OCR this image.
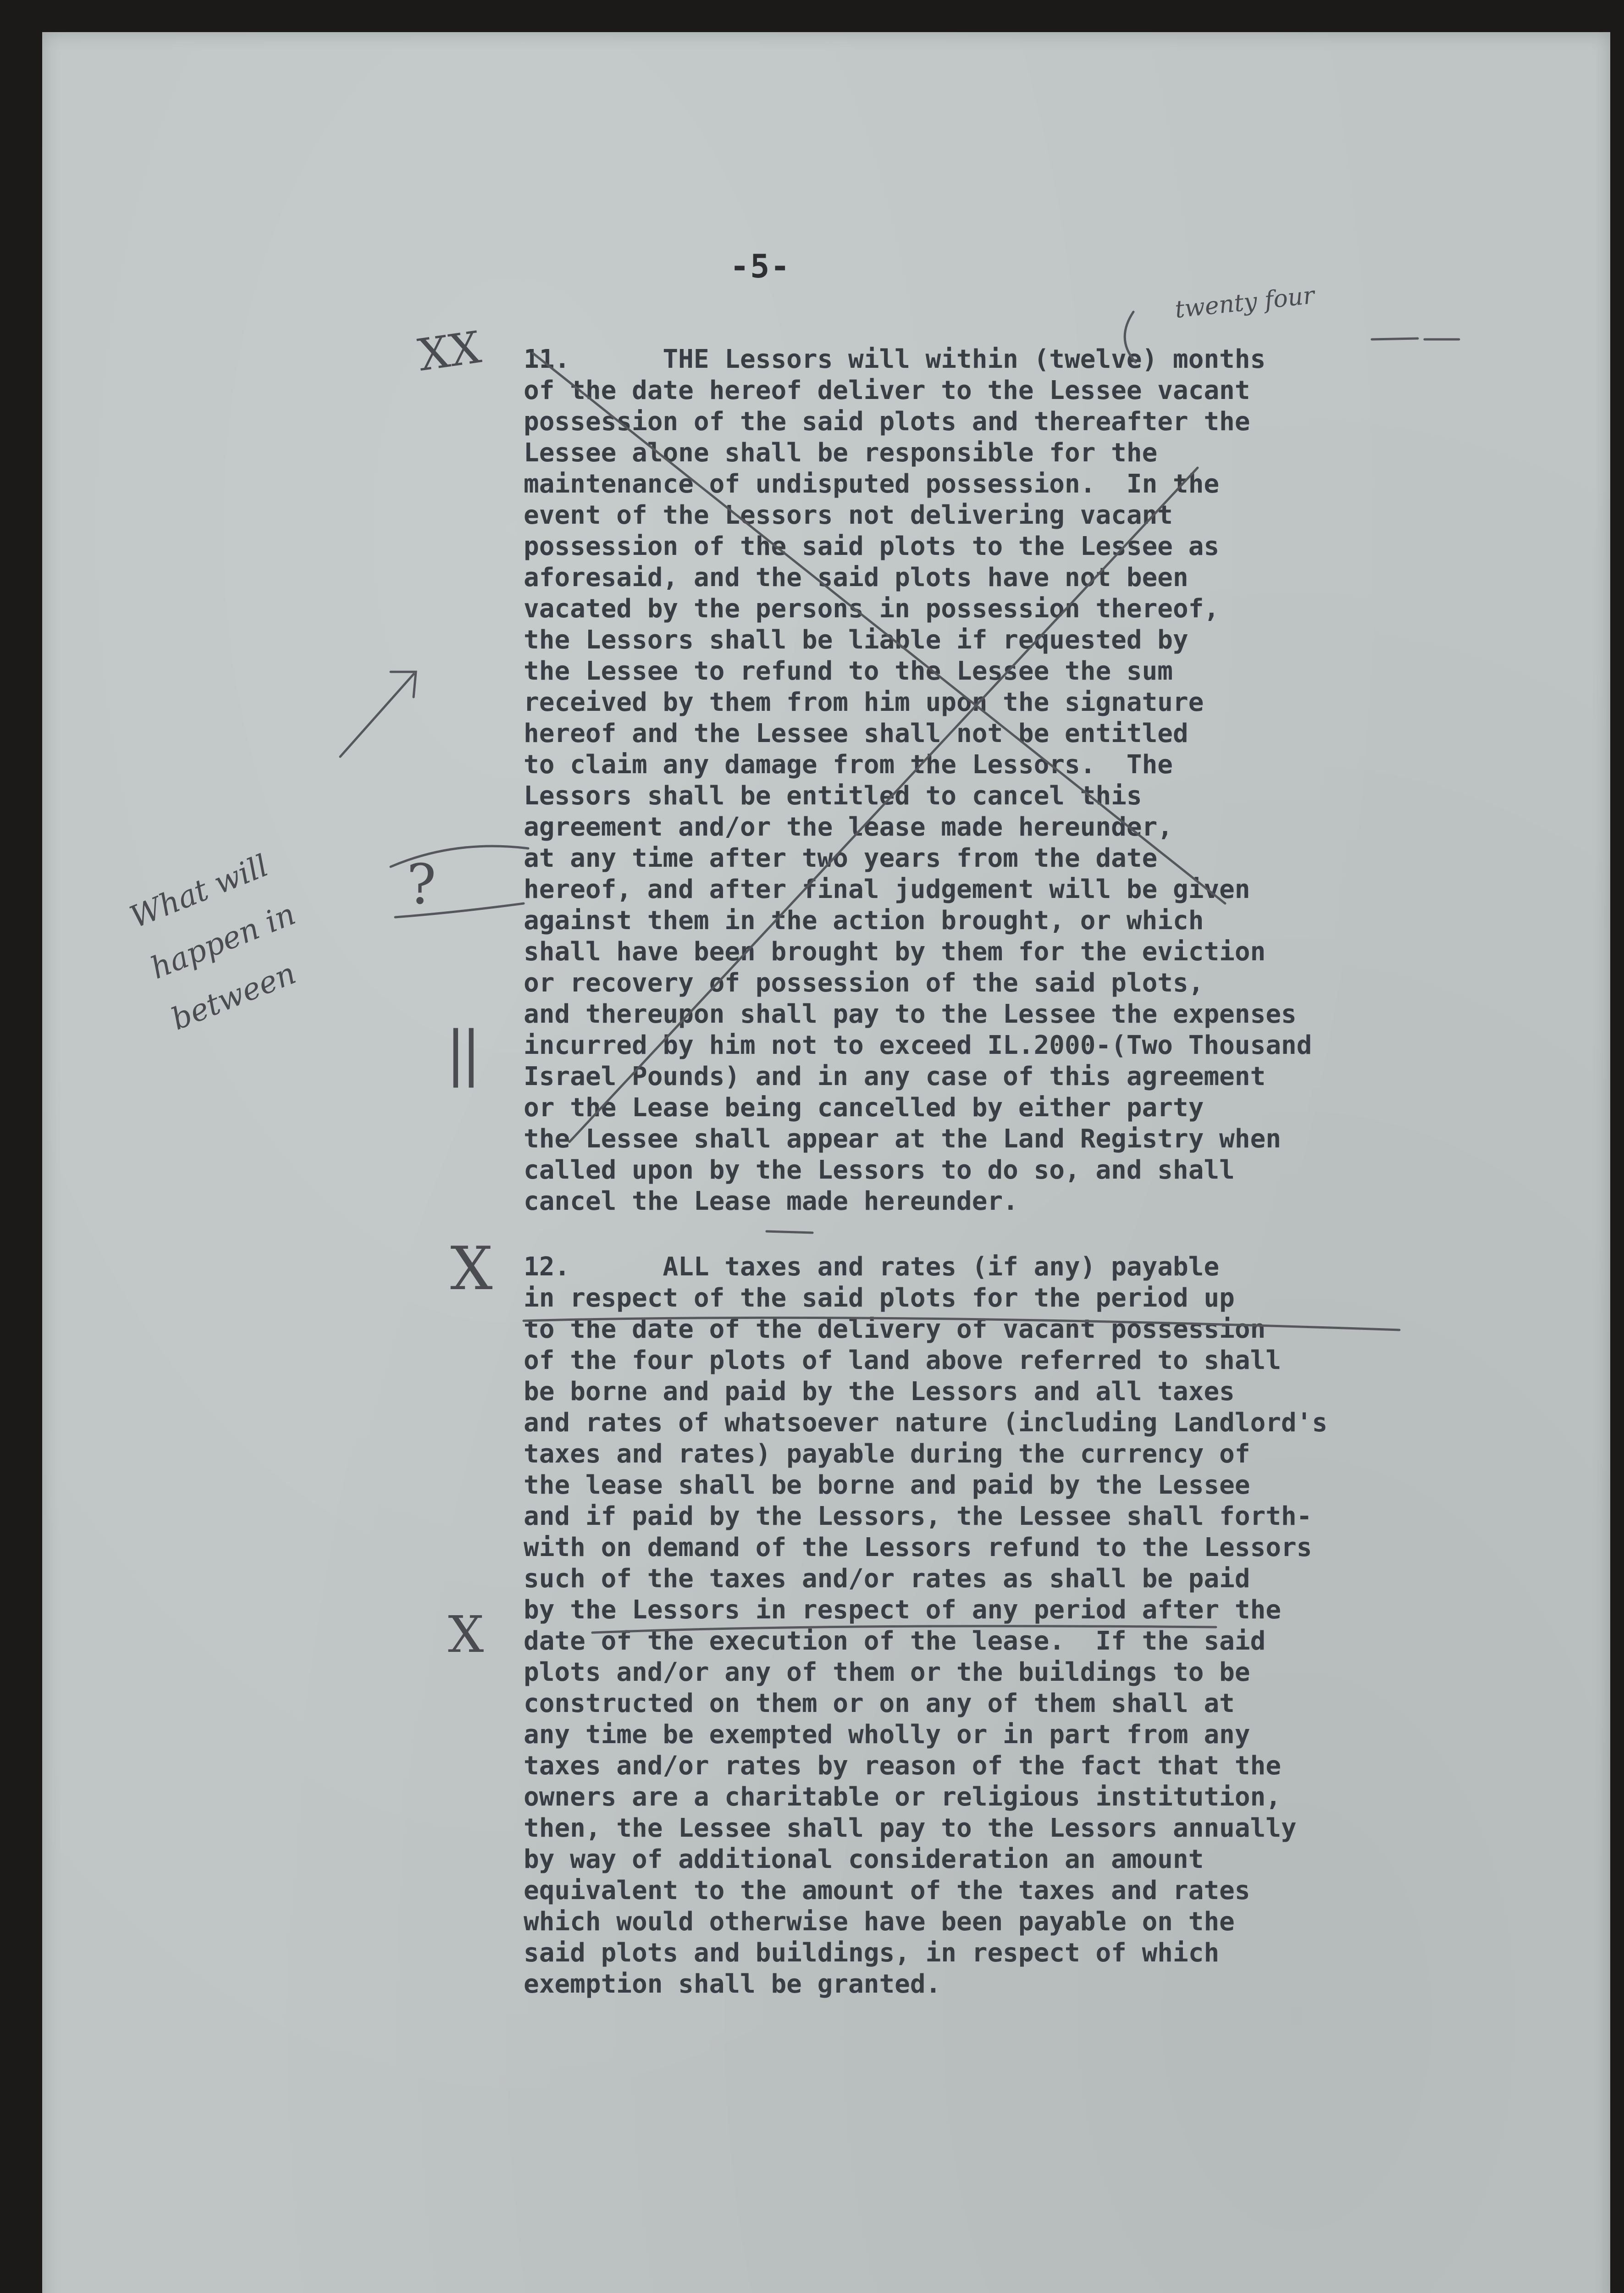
-5-
11.      THE Lessors will within (twelve) months
of the date hereof deliver to the Lessee vacant
possession of the said plots and thereafter the
Lessee alone shall be responsible for the
maintenance of undisputed possession.  In the
event of the Lessors not delivering vacant
possession of the said plots to the Lessee as
aforesaid, and the said plots have not been
vacated by the persons in possession thereof,
the Lessors shall be liable if requested by
the Lessee to refund to the Lessee the sum
received by them from him upon the signature
hereof and the Lessee shall not be entitled
to claim any damage from the Lessors.  The
Lessors shall be entitled to cancel this
agreement and/or the lease made hereunder,
at any time after two years from the date
hereof, and after final judgement will be given
against them in the action brought, or which
shall have been brought by them for the eviction
or recovery of possession of the said plots,
and thereupon shall pay to the Lessee the expenses
incurred by him not to exceed IL.2000-(Two Thousand
Israel Pounds) and in any case of this agreement
or the Lease being cancelled by either party
the Lessee shall appear at the Land Registry when
called upon by the Lessors to do so, and shall
cancel the Lease made hereunder.
12.      ALL taxes and rates (if any) payable
in respect of the said plots for the period up
to the date of the delivery of vacant possession
of the four plots of land above referred to shall
be borne and paid by the Lessors and all taxes
and rates of whatsoever nature (including Landlord's
taxes and rates) payable during the currency of
the lease shall be borne and paid by the Lessee
and if paid by the Lessors, the Lessee shall forth-
with on demand of the Lessors refund to the Lessors
such of the taxes and/or rates as shall be paid
by the Lessors in respect of any period after the
date of the execution of the lease.  If the said
plots and/or any of them or the buildings to be
constructed on them or on any of them shall at
any time be exempted wholly or in part from any
taxes and/or rates by reason of the fact that the
owners are a charitable or religious institution,
then, the Lessee shall pay to the Lessors annually
by way of additional consideration an amount
equivalent to the amount of the taxes and rates
which would otherwise have been payable on the
said plots and buildings, in respect of which
exemption shall be granted.
twenty four
XX
What will happen in between
?
||
X
X
